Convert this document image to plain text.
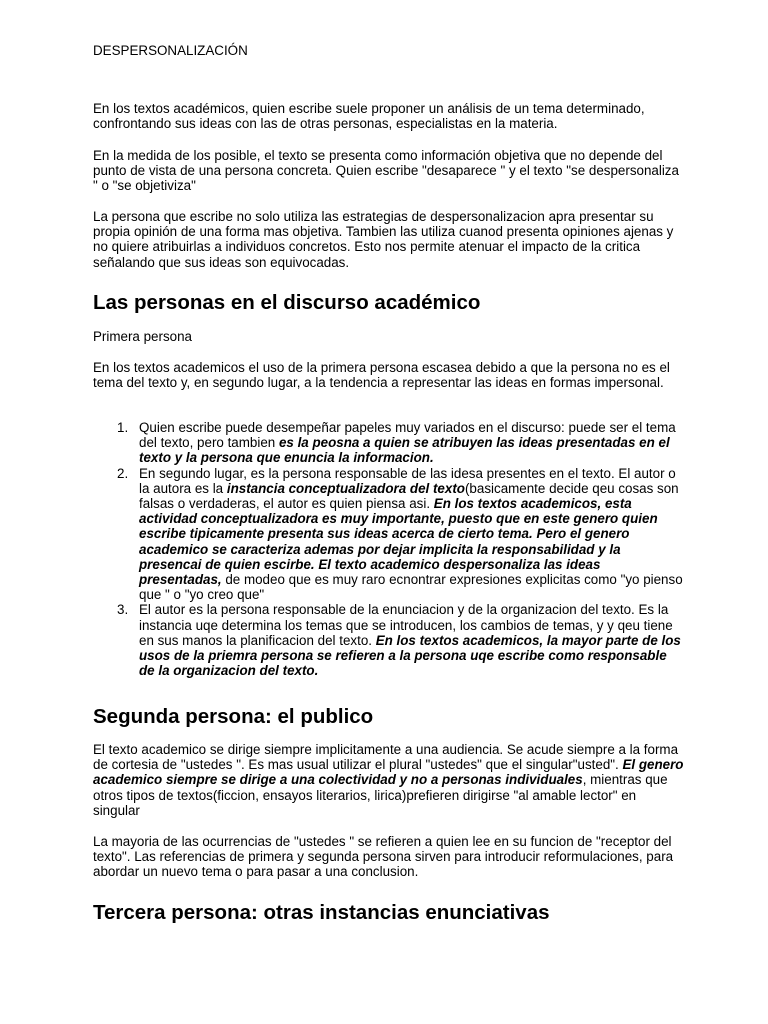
DESPERSONALIZACIÓN

En los textos académicos, quien escribe suele proponer un análisis de un tema determinado, confrontando sus ideas con las de otras personas, especialistas en la materia.

En la medida de los posible, el texto se presenta como información objetiva que no depende del punto de vista de una persona concreta. Quien escribe "desaparece " y el texto "se despersonaliza " o "se objetiviza"

La persona que escribe no solo utiliza las estrategias de despersonalizacion apra presentar su propia opinión de una forma mas objetiva. Tambien las utiliza cuanod presenta opiniones ajenas y no quiere atribuirlas a individuos concretos. Esto nos permite atenuar el impacto de la critica señalando que sus ideas son equivocadas.

Las personas en el discurso académico
Primera persona

En los textos academicos el uso de la primera persona escasea debido a que la persona no es el tema del texto y, en segundo lugar, a la tendencia a representar las ideas en formas impersonal.

1. Quien escribe puede desempeñar papeles muy variados en el discurso: puede ser el tema del texto, pero tambien es la peosna a quien se atribuyen las ideas presentadas en el texto y la persona que enuncia la informacion.
2. En segundo lugar, es la persona responsable de las idesa presentes en el texto. El autor o la autora es la instancia conceptualizadora del texto(basicamente decide qeu cosas son falsas o verdaderas, el autor es quien piensa asi. En los textos academicos, esta actividad conceptualizadora es muy importante, puesto que en este genero quien escribe tipicamente presenta sus ideas acerca de cierto tema. Pero el genero academico se caracteriza ademas por dejar implicita la responsabilidad y la presencai de quien escirbe. El texto academico despersonaliza las ideas presentadas, de modeo que es muy raro ecnontrar expresiones explicitas como "yo pienso que " o "yo creo que"
3. El autor es la persona responsable de la enunciacion y de la organizacion del texto. Es la instancia uqe determina los temas que se introducen, los cambios de temas, y y qeu tiene en sus manos la planificacion del texto. En los textos academicos, la mayor parte de los usos de la priemra persona se refieren a la persona uqe escribe como responsable de la organizacion del texto.
Segunda persona: el publico

El texto academico se dirige siempre implicitamente a una audiencia. Se acude siempre a la forma de cortesia de "ustedes ". Es mas usual utilizar el plural "ustedes" que el singular"usted". El genero academico siempre se dirige a una colectividad y no a personas individuales, mientras que otros tipos de textos(ficcion, ensayos literarios, lirica)prefieren dirigirse "al amable lector" en singular

La mayoria de las ocurrencias de "ustedes " se refieren a quien lee en su funcion de "receptor del texto". Las referencias de primera y segunda persona sirven para introducir reformulaciones, para abordar un nuevo tema o para pasar a una conclusion.

Tercera persona: otras instancias enunciativas
